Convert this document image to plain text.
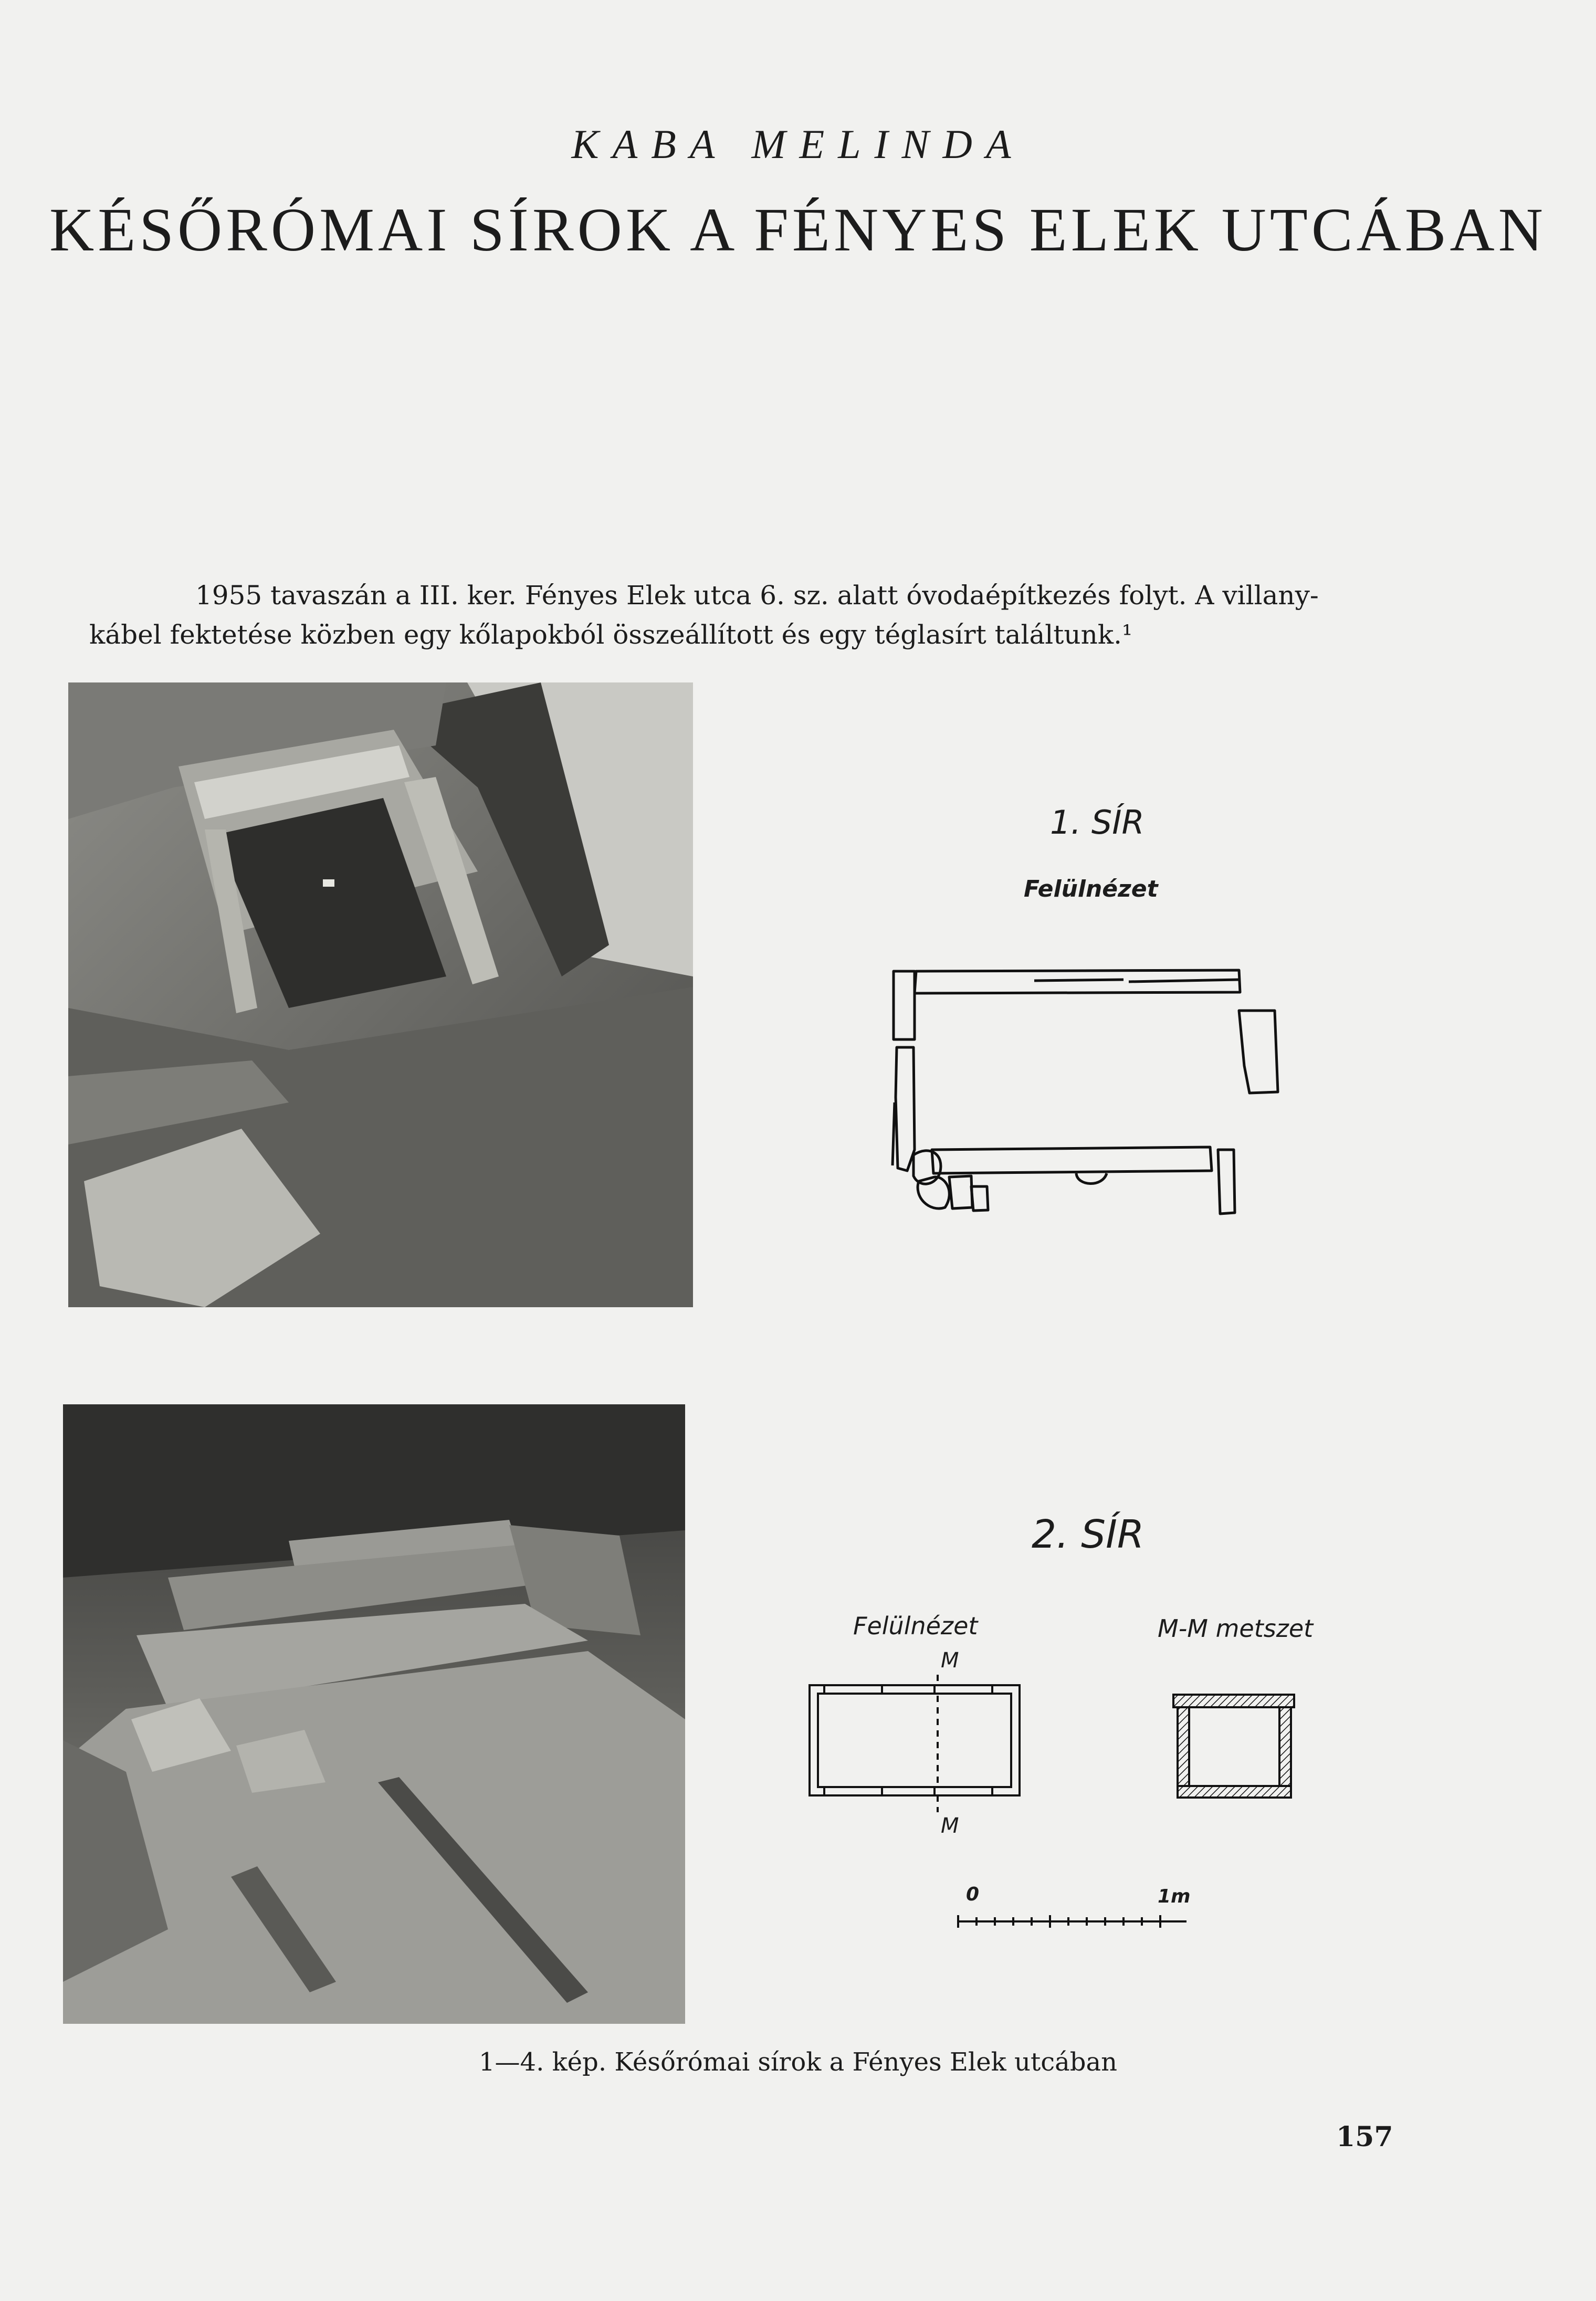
KABA MELINDA
KÉSŐRÓMAI SÍROK A FÉNYES ELEK UTCÁBAN
1955 tavaszán a III. ker. Fényes Elek utca 6. sz. alatt óvodaépítkezés folyt. A villany-
kábel fektetése közben egy kőlapokból összeállított és egy téglasírt találtunk.¹
1. SÍR
Felülnézet
2. SÍR
Felülnézet	M-M metszet
M
M
0	1m
1—4. kép. Későrómai sírok a Fényes Elek utcában
157
